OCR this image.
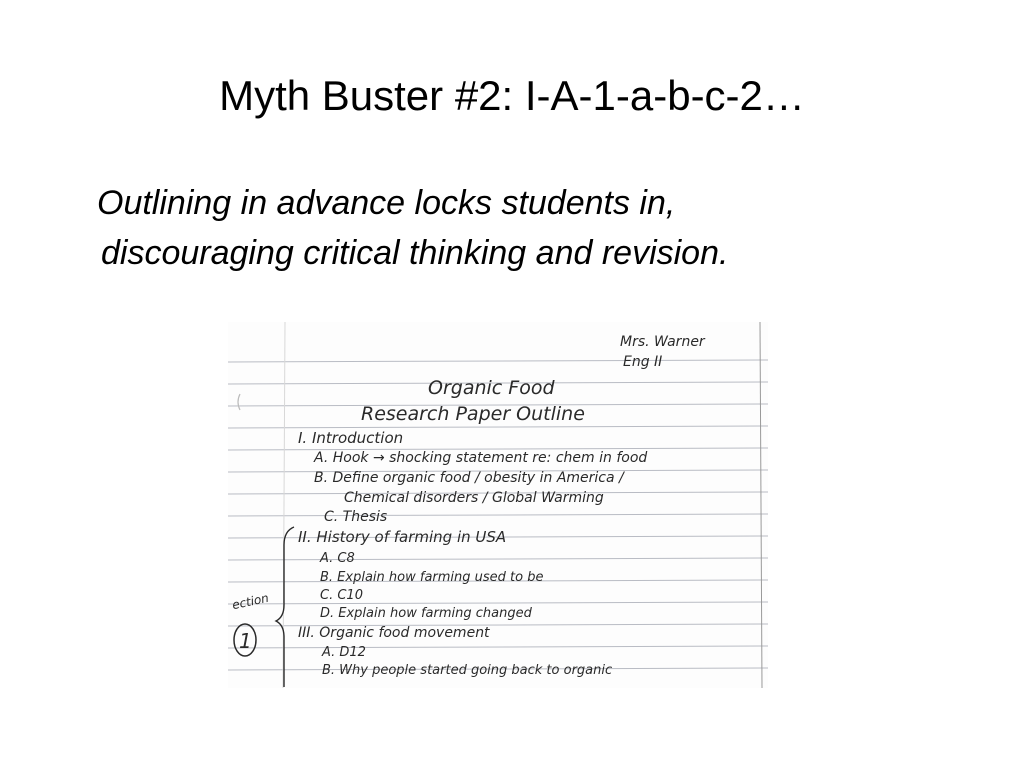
Myth Buster #2: I-A-1-a-b-c-2…
Outlining in advance locks students in,
discouraging critical thinking and revision.
Mrs. Warner
Eng II
Organic Food
Research Paper Outline
I. Introduction
A. Hook → shocking statement re: chem in food
B. Define organic food / obesity in America /
Chemical disorders / Global Warming
C. Thesis
II. History of farming in USA
A. C8
B. Explain how farming used to be
C. C10
D. Explain how farming changed
III. Organic food movement
A. D12
B. Why people started going back to organic
ection
1
